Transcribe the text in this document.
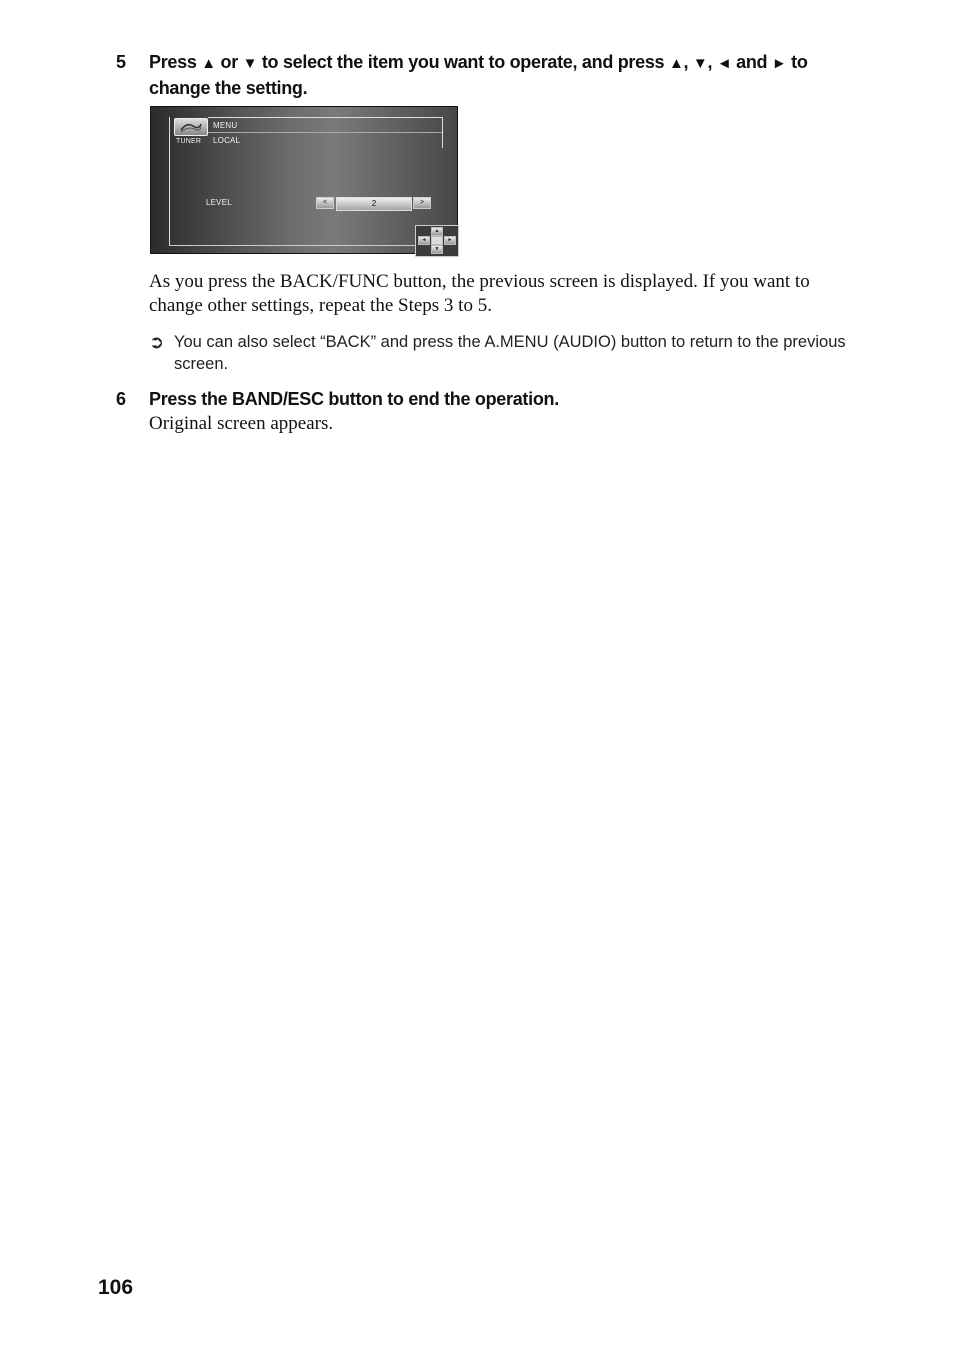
5 Press ▲ or ▼ to select the item you want to operate, and press ▲, ▼, ◄ and ► to
change the setting.
MENU
LOCAL
TUNER
LEVEL	<	2	>
▲
◄	►
▼
As you press the BACK/FUNC button, the previous screen is displayed. If you want to
change other settings, repeat the Steps 3 to 5.
➲ You can also select “BACK” and press the A.MENU (AUDIO) button to return to the previous screen.
6 Press the BAND/ESC button to end the operation.
Original screen appears.
106
